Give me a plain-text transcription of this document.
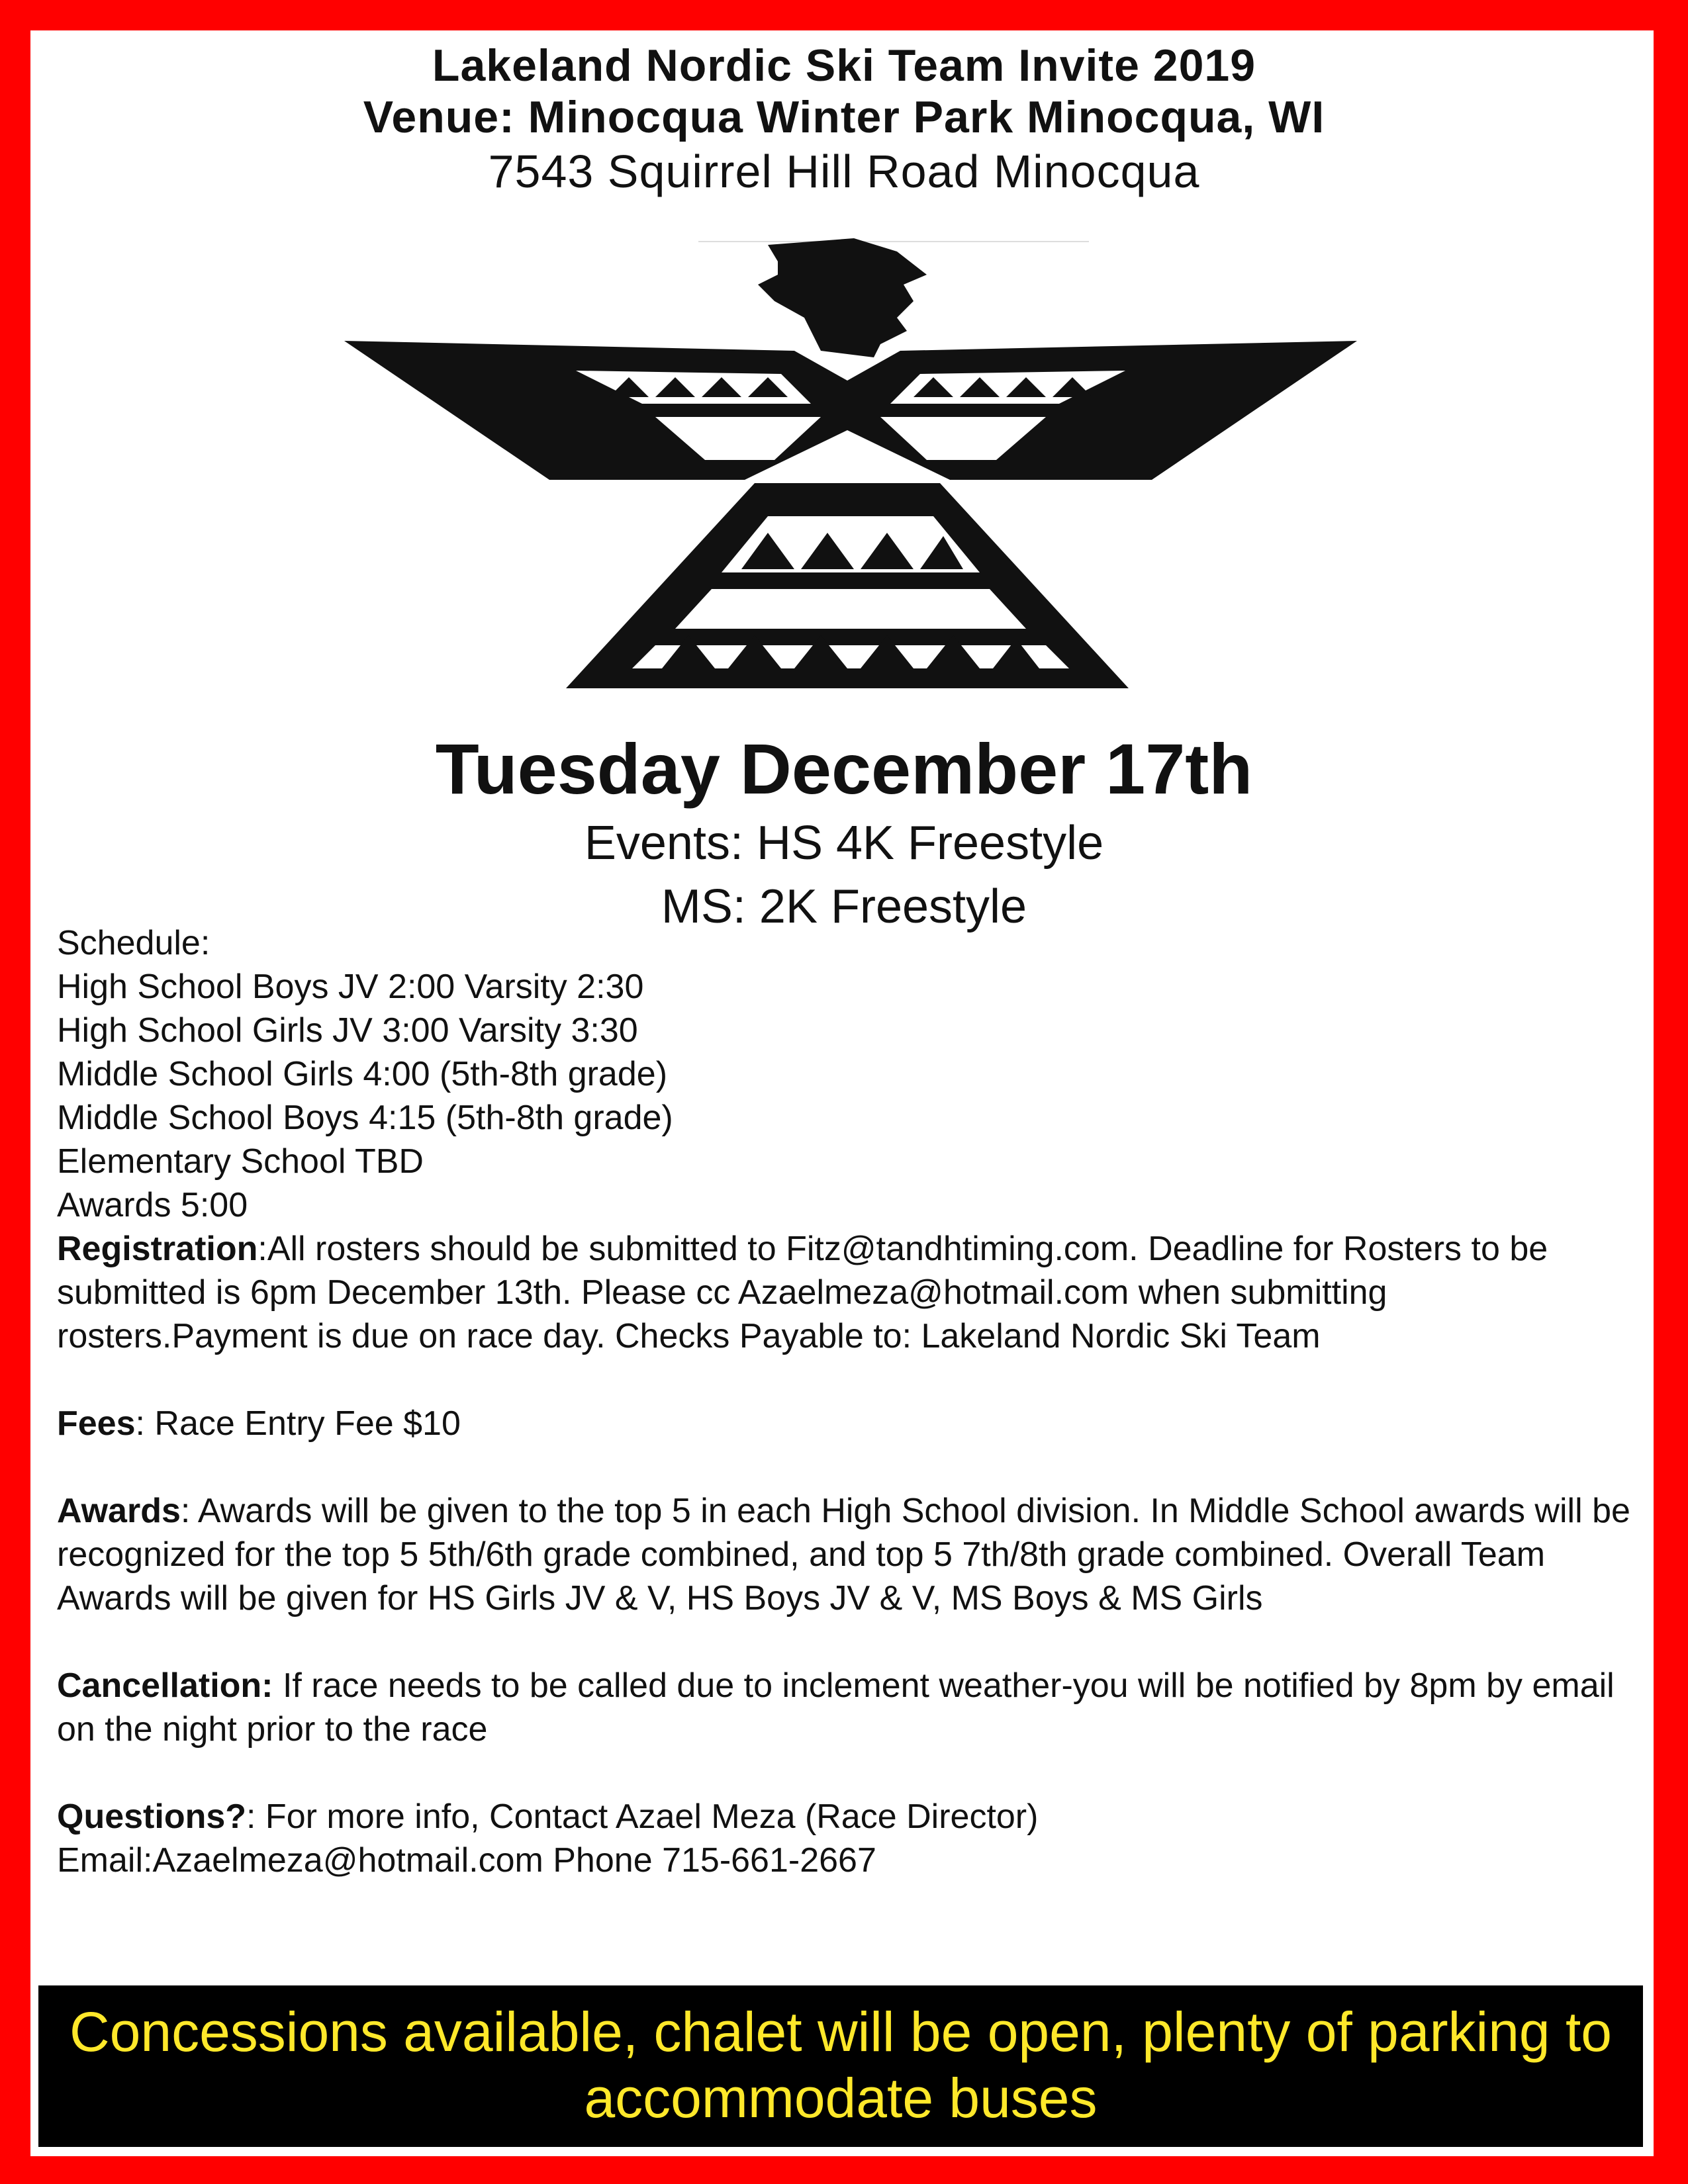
Lakeland Nordic Ski Team Invite 2019
Venue: Minocqua Winter Park Minocqua, WI
7543 Squirrel Hill Road Minocqua
Tuesday December 17th
Events: HS 4K Freestyle
MS: 2K Freestyle

Schedule:

High School Boys JV 2:00 Varsity 2:30

High School Girls JV 3:00 Varsity 3:30

Middle School Girls 4:00 (5th-8th grade)

Middle School Boys 4:15 (5th-8th grade)

Elementary School TBD

Awards 5:00

Registration:All rosters should be submitted to Fitz@tandhtiming.com. Deadline for Rosters to be submitted is 6pm December 13th. Please cc Azaelmeza@hotmail.com when submitting rosters.Payment is due on race day. Checks Payable to: Lakeland Nordic Ski Team

Fees: Race Entry Fee $10

Awards: Awards will be given to the top 5 in each High School division. In Middle School awards will be recognized for the top 5 5th/6th grade combined, and top 5 7th/8th grade combined. Overall Team Awards will be given for HS Girls JV & V, HS Boys JV & V, MS Boys & MS Girls

Cancellation: If race needs to be called due to inclement weather-you will be notified by 8pm by email on the night prior to the race

Questions?: For more info, Contact Azael Meza (Race Director)

Email:Azaelmeza@hotmail.com Phone 715-661-2667

Concessions available, chalet will be open, plenty of parking to accommodate buses
